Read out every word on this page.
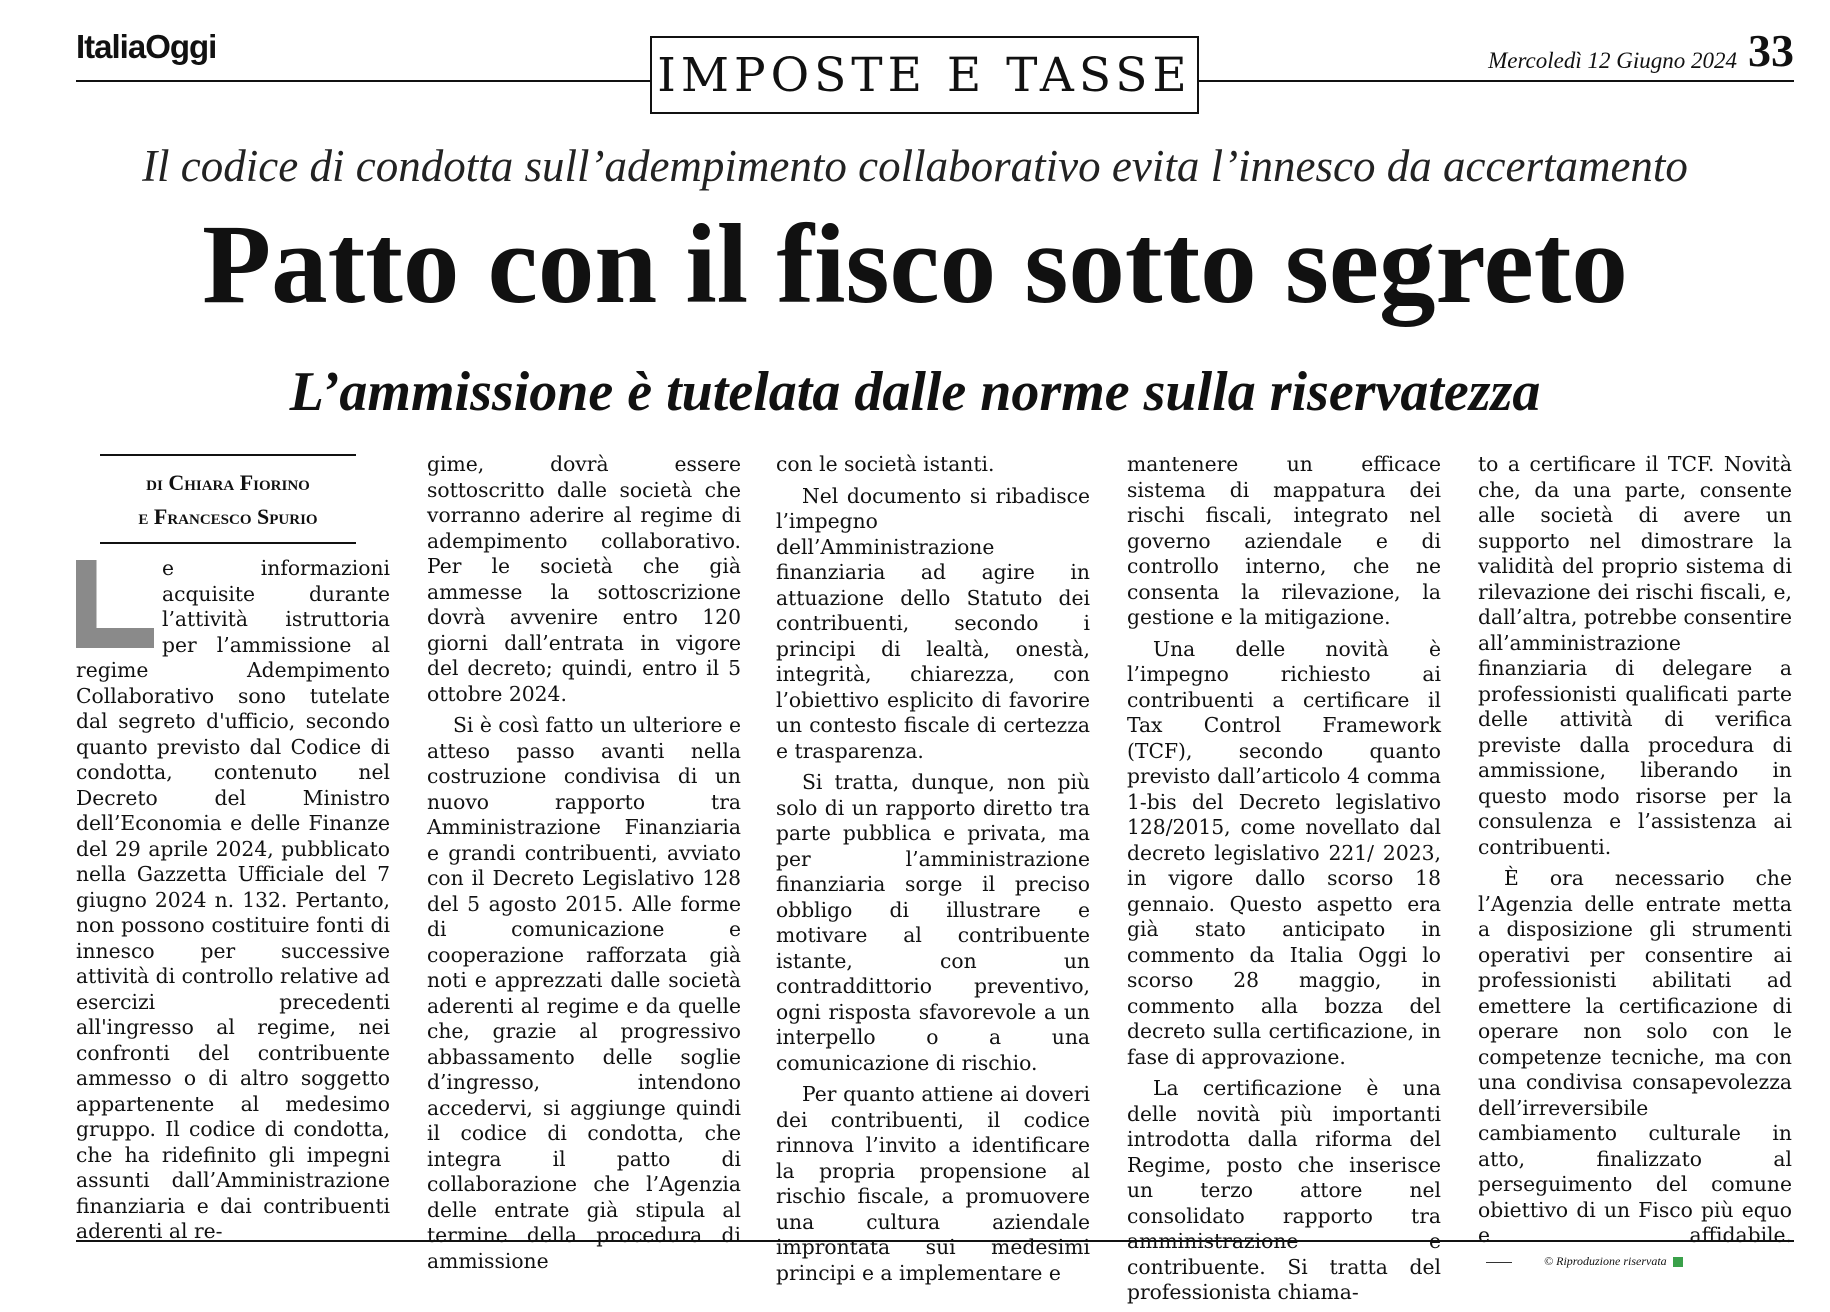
ItaliaOggi
IMPOSTE E TASSE	Mercoledì 12 Giugno 2024 33
Il codice di condotta sull’adempimento collaborativo evita l’innesco da accertamento
Patto con il fisco sotto segreto
L’ammissione è tutelata dalle norme sulla riservatezza
di Chiara Fiorino
e Francesco Spurio

e informazioni acquisite durante l’attività istruttoria per l’ammissione al regime Adempimento Collaborativo sono tutelate dal segreto d'ufficio, secondo quanto previsto dal Codice di condotta, contenuto nel Decreto del Ministro dell’Economia e delle Finanze del 29 aprile 2024, pubblicato nella Gazzetta Ufficiale del 7 giugno 2024 n. 132. Pertanto, non possono costituire fonti di innesco per successive attività di controllo relative ad esercizi precedenti all'ingresso al regime, nei confronti del contribuente ammesso o di altro soggetto appartenente al medesimo gruppo. Il codice di condotta, che ha ridefinito gli impegni assunti dall’Amministrazione finanziaria e dai contribuenti aderenti al re-

gime, dovrà essere sottoscritto dalle società che vorranno aderire al regime di adempimento collaborativo. Per le società che già ammesse la sottoscrizione dovrà avvenire entro 120 giorni dall’entrata in vigore del decreto; quindi, entro il 5 ottobre 2024.

Si è così fatto un ulteriore e atteso passo avanti nella costruzione condivisa di un nuovo rapporto tra Amministrazione Finanziaria e grandi contribuenti, avviato con il Decreto Legislativo 128 del 5 agosto 2015. Alle forme di comunicazione e cooperazione rafforzata già noti e apprezzati dalle società aderenti al regime e da quelle che, grazie al progressivo abbassamento delle soglie d’ingresso, intendono accedervi, si aggiunge quindi il codice di condotta, che integra il patto di collaborazione che l’Agenzia delle entrate già stipula al termine della procedura di ammissione

con le società istanti.

Nel documento si ribadisce l’impegno dell’Amministrazione finanziaria ad agire in attuazione dello Statuto dei contribuenti, secondo i principi di lealtà, onestà, integrità, chiarezza, con l’obiettivo esplicito di favorire un contesto fiscale di certezza e trasparenza.

Si tratta, dunque, non più solo di un rapporto diretto tra parte pubblica e privata, ma per l’amministrazione finanziaria sorge il preciso obbligo di illustrare e motivare al contribuente istante, con un contraddittorio preventivo, ogni risposta sfavorevole a un interpello o a una comunicazione di rischio.

Per quanto attiene ai doveri dei contribuenti, il codice rinnova l’invito a identificare la propria propensione al rischio fiscale, a promuovere una cultura aziendale improntata sui medesimi principi e a implementare e

mantenere un efficace sistema di mappatura dei rischi fiscali, integrato nel governo aziendale e di controllo interno, che ne consenta la rilevazione, la gestione e la mitigazione.

Una delle novità è l’impegno richiesto ai contribuenti a certificare il Tax Control Framework (TCF), secondo quanto previsto dall’articolo 4 comma 1-bis del Decreto legislativo 128/2015, come novellato dal decreto legislativo 221/ 2023, in vigore dallo scorso 18 gennaio. Questo aspetto era già stato anticipato in commento da Italia Oggi lo scorso 28 maggio, in commento alla bozza del decreto sulla certificazione, in fase di approvazione.

La certificazione è una delle novità più importanti introdotta dalla riforma del Regime, posto che inserisce un terzo attore nel consolidato rapporto tra amministrazione e contribuente. Si tratta del professionista chiama-

to a certificare il TCF. Novità che, da una parte, consente alle società di avere un supporto nel dimostrare la validità del proprio sistema di rilevazione dei rischi fiscali, e, dall’altra, potrebbe consentire all’amministrazione finanziaria di delegare a professionisti qualificati parte delle attività di verifica previste dalla procedura di ammissione, liberando in questo modo risorse per la consulenza e l’assistenza ai contribuenti.

È ora necessario che l’Agenzia delle entrate metta a disposizione gli strumenti operativi per consentire ai professionisti abilitati ad emettere la certificazione di operare non solo con le competenze tecniche, ma con una condivisa consapevolezza dell’irreversibile cambiamento culturale in atto, finalizzato al perseguimento del comune obiettivo di un Fisco più equo e affidabile.
© Riproduzione riservata
